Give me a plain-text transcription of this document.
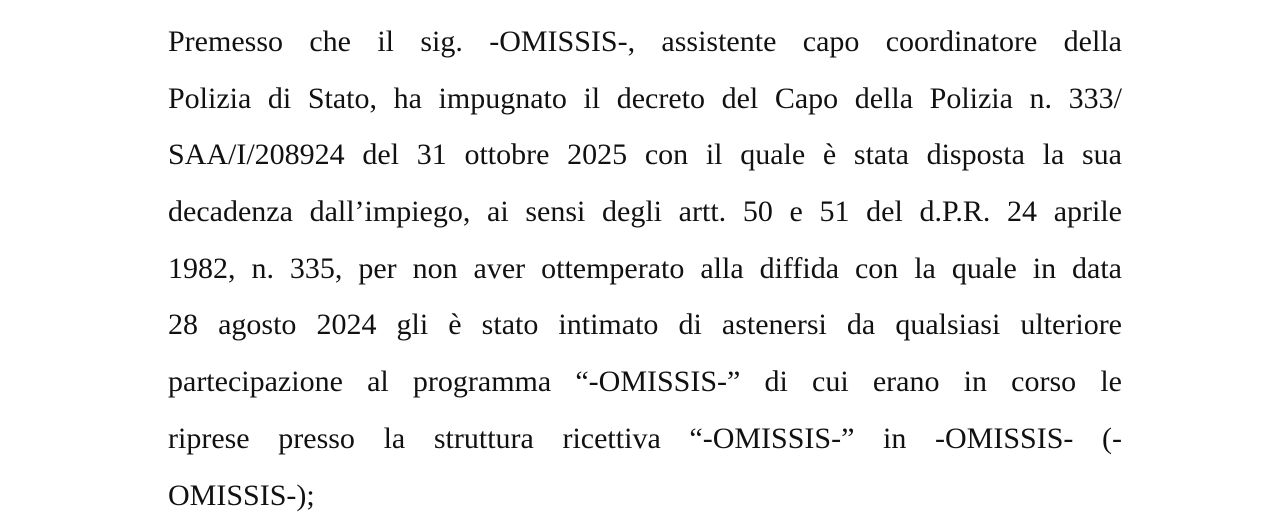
Premesso che il sig. -OMISSIS-, assistente capo coordinatore della
Polizia di Stato, ha impugnato il decreto del Capo della Polizia n. 333/
SAA/I/208924 del 31 ottobre 2025 con il quale è stata disposta la sua
decadenza dall’impiego, ai sensi degli artt. 50 e 51 del d.P.R. 24 aprile
1982, n. 335, per non aver ottemperato alla diffida con la quale in data
28 agosto 2024 gli è stato intimato di astenersi da qualsiasi ulteriore
partecipazione al programma “-OMISSIS-” di cui erano in corso le
riprese presso la struttura ricettiva “-OMISSIS-” in -OMISSIS- (-
OMISSIS-);
